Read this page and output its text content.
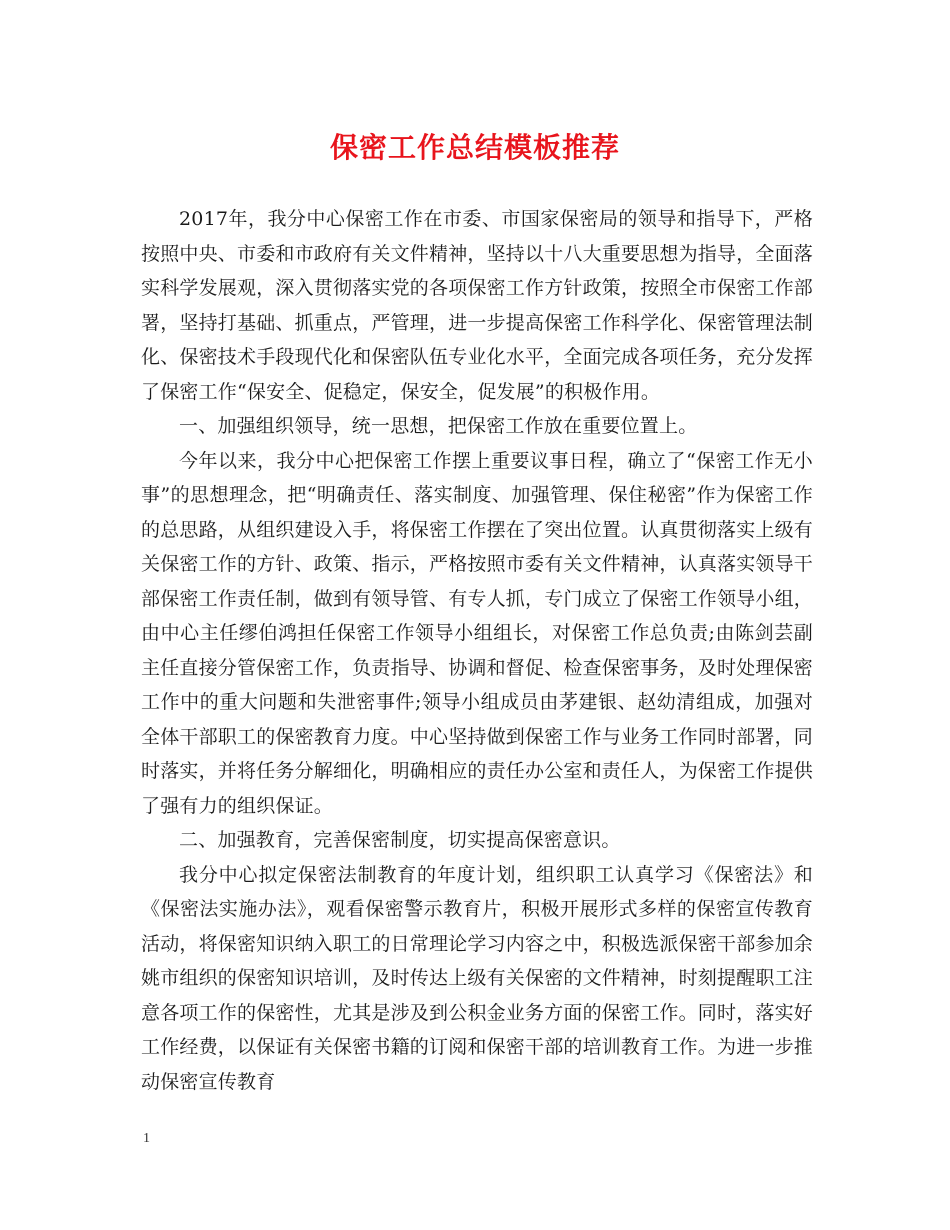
保密工作总结模板推荐

2017年，我分中心保密工作在市委、市国家保密局的领导和指导下，严格按照中央、市委和市政府有关文件精神，坚持以十八大重要思想为指导，全面落实科学发展观，深入贯彻落实党的各项保密工作方针政策，按照全市保密工作部署，坚持打基础、抓重点，严管理，进一步提高保密工作科学化、保密管理法制化、保密技术手段现代化和保密队伍专业化水平，全面完成各项任务，充分发挥了保密工作“保安全、促稳定，保安全，促发展”的积极作用。

一、加强组织领导，统一思想，把保密工作放在重要位置上。

今年以来，我分中心把保密工作摆上重要议事日程，确立了“保密工作无小事”的思想理念，把“明确责任、落实制度、加强管理、保住秘密”作为保密工作的总思路，从组织建设入手，将保密工作摆在了突出位置。认真贯彻落实上级有关保密工作的方针、政策、指示，严格按照市委有关文件精神，认真落实领导干部保密工作责任制，做到有领导管、有专人抓，专门成立了保密工作领导小组，由中心主任缪伯鸿担任保密工作领导小组组长，对保密工作总负责;由陈剑芸副主任直接分管保密工作，负责指导、协调和督促、检查保密事务，及时处理保密工作中的重大问题和失泄密事件;领导小组成员由茅建银、赵幼清组成，加强对全体干部职工的保密教育力度。中心坚持做到保密工作与业务工作同时部署，同时落实，并将任务分解细化，明确相应的责任办公室和责任人，为保密工作提供了强有力的组织保证。

二、加强教育，完善保密制度，切实提高保密意识。

我分中心拟定保密法制教育的年度计划，组织职工认真学习《保密法》和《保密法实施办法》，观看保密警示教育片，积极开展形式多样的保密宣传教育活动，将保密知识纳入职工的日常理论学习内容之中，积极选派保密干部参加余姚市组织的保密知识培训，及时传达上级有关保密的文件精神，时刻提醒职工注意各项工作的保密性，尤其是涉及到公积金业务方面的保密工作。同时，落实好工作经费，以保证有关保密书籍的订阅和保密干部的培训教育工作。为进一步推动保密宣传教育

1
